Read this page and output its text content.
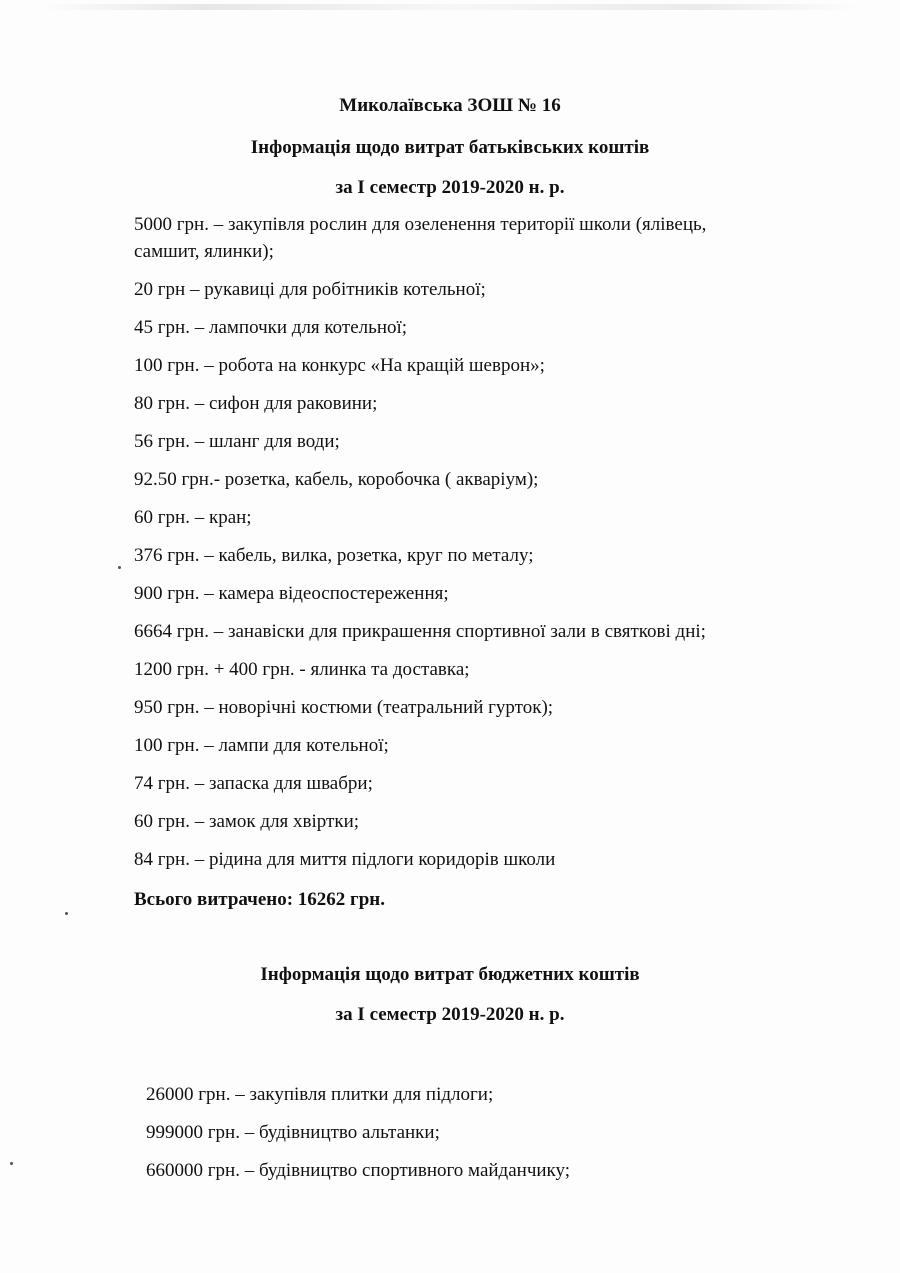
Миколаївська ЗОШ № 16
Інформація щодо витрат батьківських коштів
за І семестр 2019-2020 н. р.
5000 грн. – закупівля рослин для озеленення території школи (ялівець,
самшит, ялинки);
20 грн – рукавиці для робітників котельної;
45 грн. – лампочки для котельної;
100 грн. – робота на конкурс «На кращій шеврон»;
80 грн. – сифон для раковини;
56 грн. – шланг для води;
92.50 грн.- розетка, кабель, коробочка ( акваріум);
60 грн. – кран;
376 грн. – кабель, вилка, розетка, круг по металу;
900 грн. – камера відеоспостереження;
6664 грн. – занавіски для прикрашення спортивної зали в святкові дні;
1200 грн. + 400 грн. - ялинка та доставка;
950 грн. – новорічні костюми (театральний гурток);
100 грн. – лампи для котельної;
74 грн. – запаска для швабри;
60 грн. – замок для хвіртки;
84 грн. – рідина для миття підлоги коридорів школи
Всього витрачено: 16262 грн.
Інформація щодо витрат бюджетних коштів
за І семестр 2019-2020 н. р.
26000 грн. – закупівля плитки для підлоги;
999000 грн. – будівництво альтанки;
660000 грн. – будівництво спортивного майданчику;
